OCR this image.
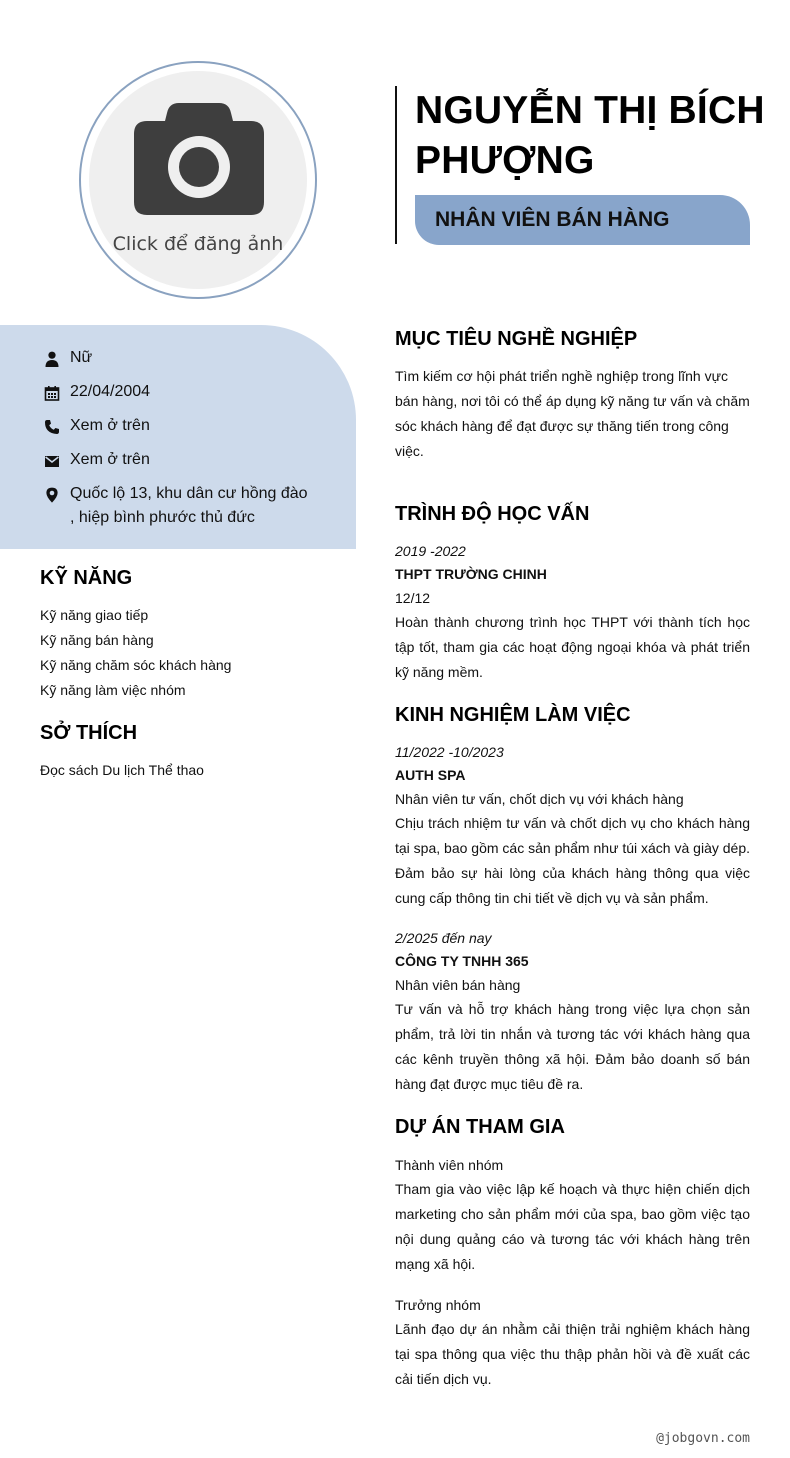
Click để đăng ảnh
NGUYỄN THỊ BÍCH PHƯỢNG
NHÂN VIÊN BÁN HÀNG
Nữ
22/04/2004
Xem ở trên
Xem ở trên
Quốc lộ 13, khu dân cư hồng đào , hiệp bình phước thủ đức
KỸ NĂNG
Kỹ năng giao tiếp
Kỹ năng bán hàng
Kỹ năng chăm sóc khách hàng
Kỹ năng làm việc nhóm
SỞ THÍCH
Đọc sách Du lịch Thể thao
MỤC TIÊU NGHỀ NGHIỆP
Tìm kiếm cơ hội phát triển nghề nghiệp trong lĩnh vực bán hàng, nơi tôi có thể áp dụng kỹ năng tư vấn và chăm sóc khách hàng để đạt được sự thăng tiến trong công việc.
TRÌNH ĐỘ HỌC VẤN
2019 -2022
THPT TRƯỜNG CHINH
12/12
Hoàn thành chương trình học THPT với thành tích học tập tốt, tham gia các hoạt động ngoại khóa và phát triển kỹ năng mềm.
KINH NGHIỆM LÀM VIỆC
11/2022 -10/2023
AUTH SPA
Nhân viên tư vấn, chốt dịch vụ với khách hàng
Chịu trách nhiệm tư vấn và chốt dịch vụ cho khách hàng tại spa, bao gồm các sản phẩm như túi xách và giày dép. Đảm bảo sự hài lòng của khách hàng thông qua việc cung cấp thông tin chi tiết về dịch vụ và sản phẩm.
2/2025 đến nay
CÔNG TY TNHH 365
Nhân viên bán hàng
Tư vấn và hỗ trợ khách hàng trong việc lựa chọn sản phẩm, trả lời tin nhắn và tương tác với khách hàng qua các kênh truyền thông xã hội. Đảm bảo doanh số bán hàng đạt được mục tiêu đề ra.
DỰ ÁN THAM GIA
Thành viên nhóm
Tham gia vào việc lập kế hoạch và thực hiện chiến dịch marketing cho sản phẩm mới của spa, bao gồm việc tạo nội dung quảng cáo và tương tác với khách hàng trên mạng xã hội.
Trưởng nhóm
Lãnh đạo dự án nhằm cải thiện trải nghiệm khách hàng tại spa thông qua việc thu thập phản hồi và đề xuất các cải tiến dịch vụ.
@jobgovn.com
